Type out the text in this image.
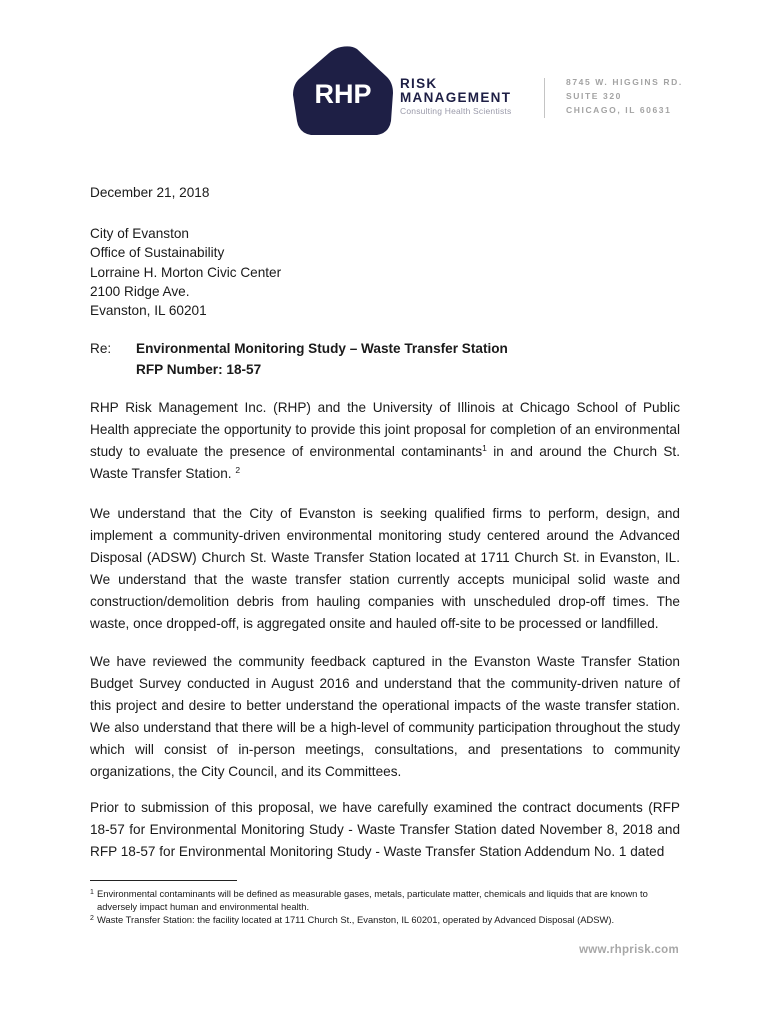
RHP RISK
MANAGEMENT
Consulting Health Scientists
8745 W. HIGGINS RD.
SUITE 320
CHICAGO, IL 60631
December 21, 2018
City of Evanston
Office of Sustainability
Lorraine H. Morton Civic Center
2100 Ridge Ave.
Evanston, IL 60201
Re:	Environmental Monitoring Study – Waste Transfer Station
RFP Number: 18-57

RHP Risk Management Inc. (RHP) and the University of Illinois at Chicago School of Public Health appreciate the opportunity to provide this joint proposal for completion of an environmental study to evaluate the presence of environmental contaminants$^1$ in and around the Church St. Waste Transfer Station. $^2$

We understand that the City of Evanston is seeking qualified firms to perform, design, and implement a community-driven environmental monitoring study centered around the Advanced Disposal (ADSW) Church St. Waste Transfer Station located at 1711 Church St. in Evanston, IL. We understand that the waste transfer station currently accepts municipal solid waste and construction/demolition debris from hauling companies with unscheduled drop-off times. The waste, once dropped-off, is aggregated onsite and hauled off-site to be processed or landfilled.

We have reviewed the community feedback captured in the Evanston Waste Transfer Station Budget Survey conducted in August 2016 and understand that the community-driven nature of this project and desire to better understand the operational impacts of the waste transfer station. We also understand that there will be a high-level of community participation throughout the study which will consist of in-person meetings, consultations, and presentations to community organizations, the City Council, and its Committees.

Prior to submission of this proposal, we have carefully examined the contract documents (RFP 18-57 for Environmental Monitoring Study - Waste Transfer Station dated November 8, 2018 and RFP 18-57 for Environmental Monitoring Study - Waste Transfer Station Addendum No. 1 dated

1 Environmental contaminants will be defined as measurable gases, metals, particulate matter, chemicals and liquids that are known to adversely impact human and environmental health.
2 Waste Transfer Station: the facility located at 1711 Church St., Evanston, IL 60201, operated by Advanced Disposal (ADSW).
www.rhprisk.com
